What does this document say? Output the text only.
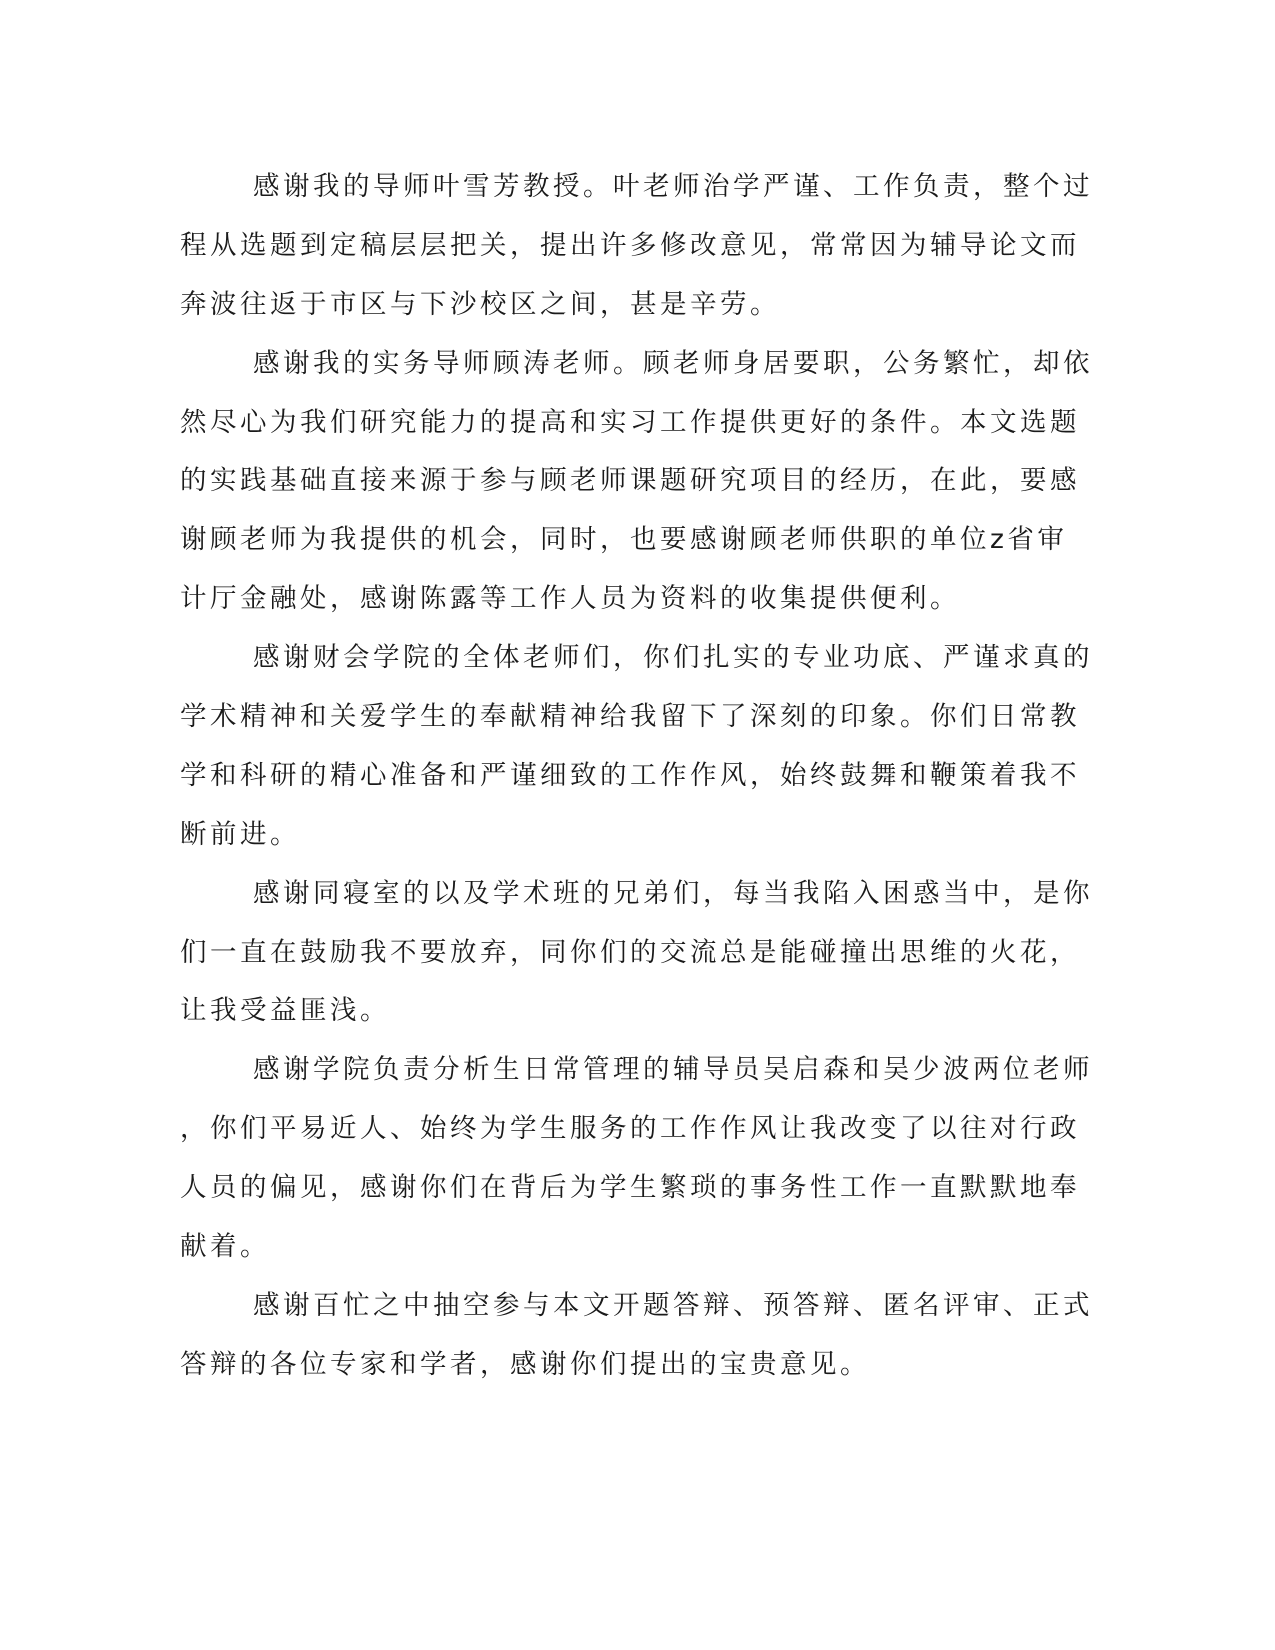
感谢我的导师叶雪芳教授。叶老师治学严谨、工作负责，整个过
程从选题到定稿层层把关，提出许多修改意见，常常因为辅导论文而
奔波往返于市区与下沙校区之间，甚是辛劳。

感谢我的实务导师顾涛老师。顾老师身居要职，公务繁忙，却依
然尽心为我们研究能力的提高和实习工作提供更好的条件。本文选题
的实践基础直接来源于参与顾老师课题研究项目的经历，在此，要感
谢顾老师为我提供的机会，同时，也要感谢顾老师供职的单位z省审
计厅金融处，感谢陈露等工作人员为资料的收集提供便利。

感谢财会学院的全体老师们，你们扎实的专业功底、严谨求真的
学术精神和关爱学生的奉献精神给我留下了深刻的印象。你们日常教
学和科研的精心准备和严谨细致的工作作风，始终鼓舞和鞭策着我不
断前进。

感谢同寝室的以及学术班的兄弟们，每当我陷入困惑当中，是你
们一直在鼓励我不要放弃，同你们的交流总是能碰撞出思维的火花，
让我受益匪浅。

感谢学院负责分析生日常管理的辅导员吴启森和吴少波两位老师
，你们平易近人、始终为学生服务的工作作风让我改变了以往对行政
人员的偏见，感谢你们在背后为学生繁琐的事务性工作一直默默地奉
献着。

感谢百忙之中抽空参与本文开题答辩、预答辩、匿名评审、正式
答辩的各位专家和学者，感谢你们提出的宝贵意见。
